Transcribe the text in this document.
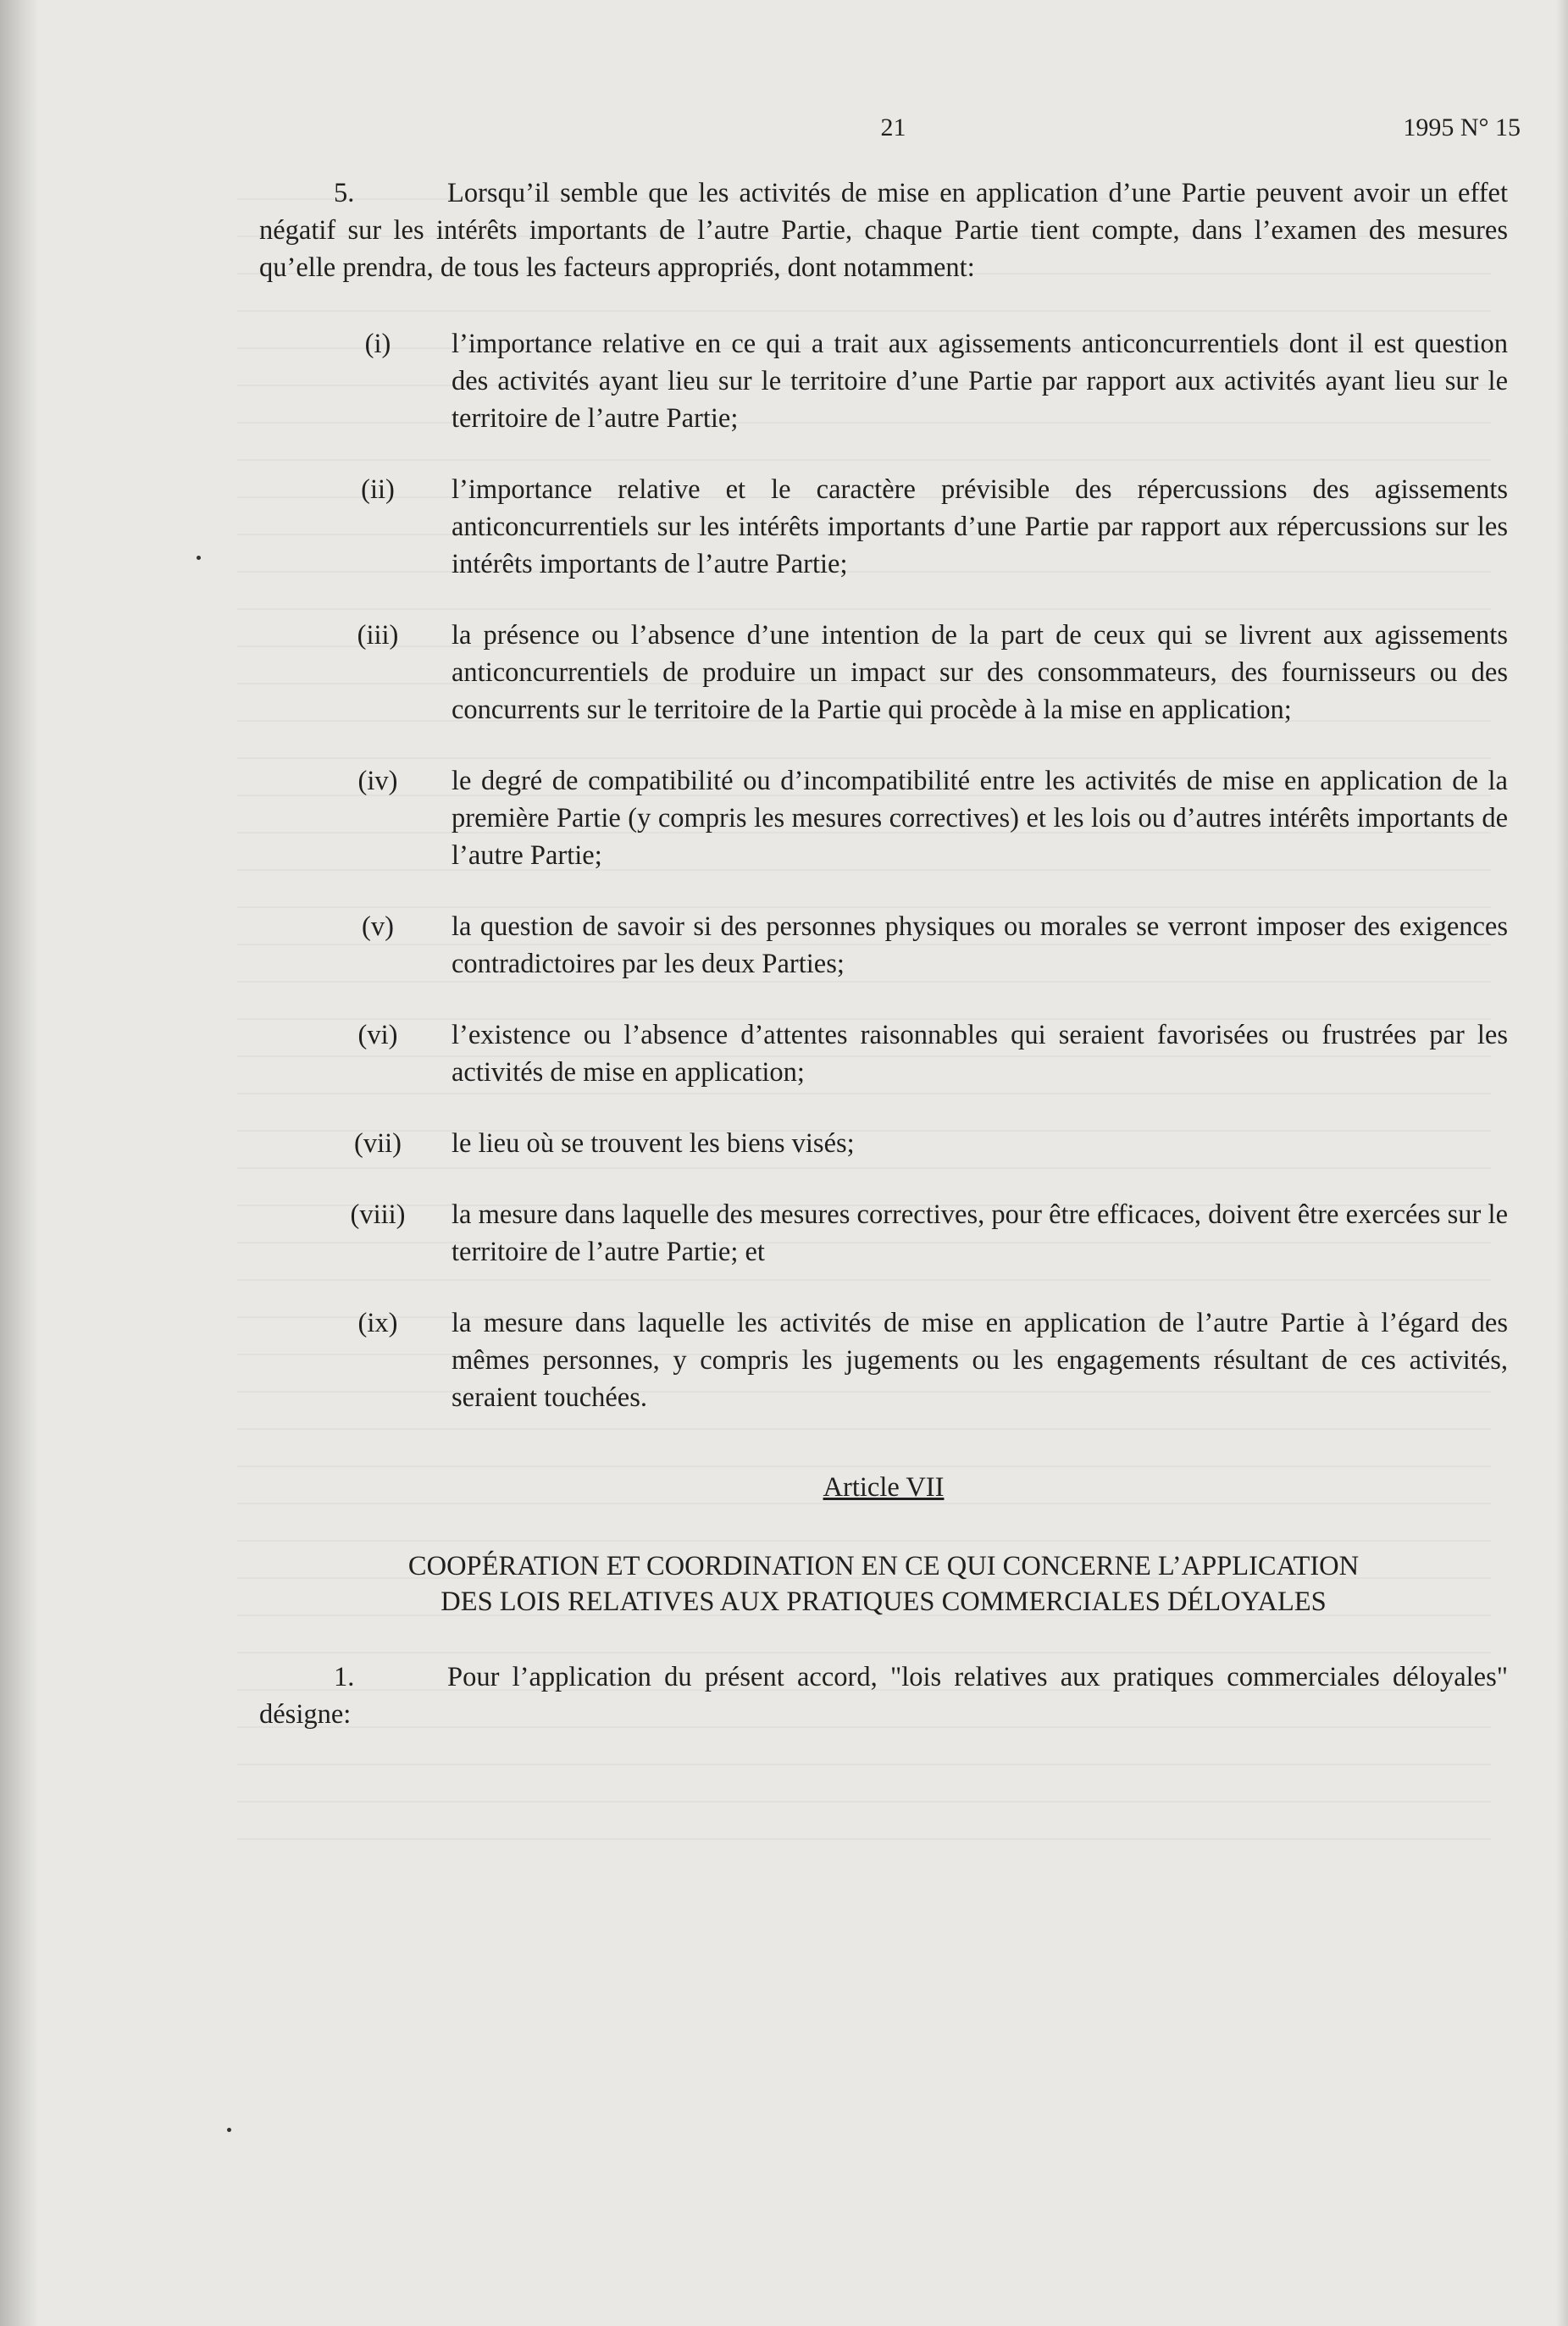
21	1995 N° 15

5.	Lorsqu’il semble que les activités de mise en application d’une Partie peuvent avoir un effet négatif sur les intérêts importants de l’autre Partie, chaque Partie tient compte, dans l’examen des mesures qu’elle prendra, de tous les facteurs appropriés, dont notamment:

(i)	l’importance relative en ce qui a trait aux agissements anticoncurrentiels dont il est question des activités ayant lieu sur le territoire d’une Partie par rapport aux activités ayant lieu sur le territoire de l’autre Partie;
(ii)	l’importance relative et le caractère prévisible des répercussions des agissements anticoncurrentiels sur les intérêts importants d’une Partie par rapport aux répercussions sur les intérêts importants de l’autre Partie;
(iii)	la présence ou l’absence d’une intention de la part de ceux qui se livrent aux agissements anticoncurrentiels de produire un impact sur des consommateurs, des fournisseurs ou des concurrents sur le territoire de la Partie qui procède à la mise en application;
(iv)	le degré de compatibilité ou d’incompatibilité entre les activités de mise en application de la première Partie (y compris les mesures correctives) et les lois ou d’autres intérêts importants de l’autre Partie;
(v)	la question de savoir si des personnes physiques ou morales se verront imposer des exigences contradictoires par les deux Parties;
(vi)	l’existence ou l’absence d’attentes raisonnables qui seraient favorisées ou frustrées par les activités de mise en application;
(vii)	le lieu où se trouvent les biens visés;
(viii)	la mesure dans laquelle des mesures correctives, pour être efficaces, doivent être exercées sur le territoire de l’autre Partie; et
(ix)	la mesure dans laquelle les activités de mise en application de l’autre Partie à l’égard des mêmes personnes, y compris les jugements ou les engagements résultant de ces activités, seraient touchées.
Article VII
COOPÉRATION ET COORDINATION EN CE QUI CONCERNE L’APPLICATION
DES LOIS RELATIVES AUX PRATIQUES COMMERCIALES DÉLOYALES

1.	Pour l’application du présent accord, "lois relatives aux pratiques commerciales déloyales" désigne:
